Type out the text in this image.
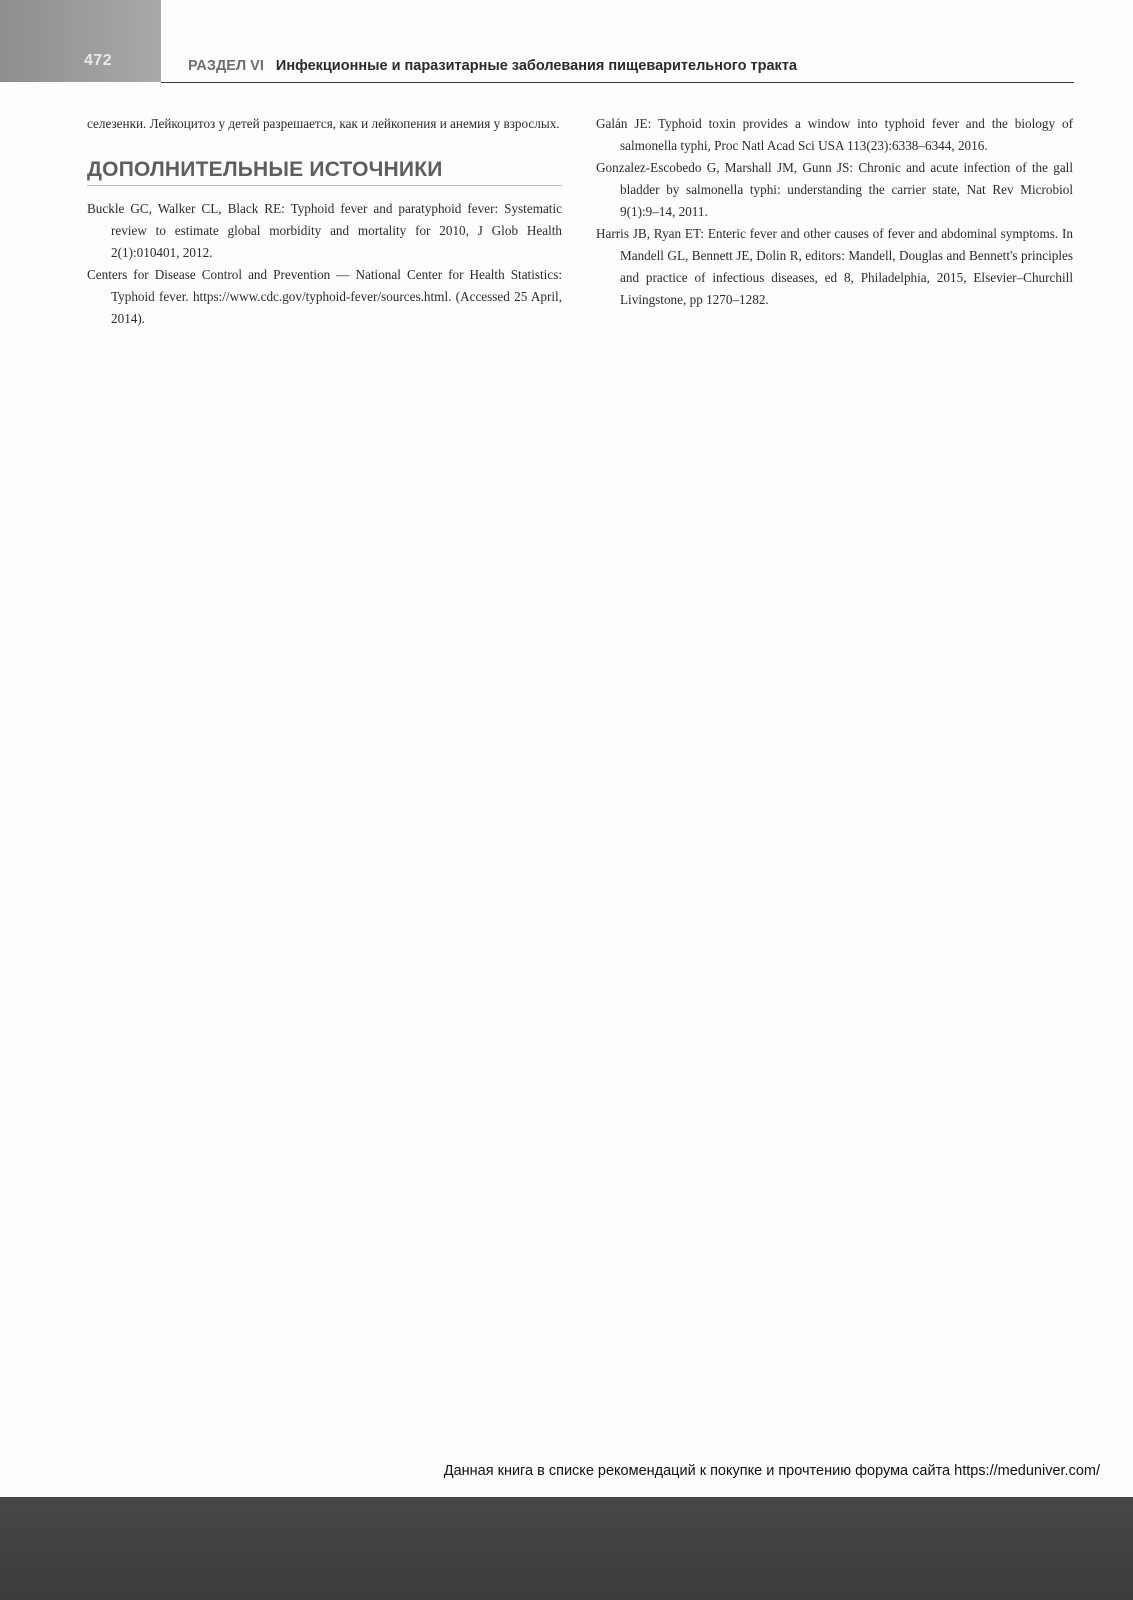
472	РАЗДЕЛ VI Инфекционные и паразитарные заболевания пищеварительного тракта

селезенки. Лейкоцитоз у детей разрешается, как и лейкопения и анемия у взрослых.

ДОПОЛНИТЕЛЬНЫЕ ИСТОЧНИКИ

Buckle GC, Walker CL, Black RE: Typhoid fever and paratyphoid fever: Systematic review to estimate global morbidity and mortality for 2010, J Glob Health 2(1):010401, 2012.

Centers for Disease Control and Prevention — National Center for Health Statistics: Typhoid fever. https://www.cdc.gov/typhoid-fever/sources.html. (Accessed 25 April, 2014).

Galán JE: Typhoid toxin provides a window into typhoid fever and the biology of salmonella typhi, Proc Natl Acad Sci USA 113(23):6338–6344, 2016.

Gonzalez-Escobedo G, Marshall JM, Gunn JS: Chronic and acute infection of the gall bladder by salmonella typhi: understanding the carrier state, Nat Rev Microbiol 9(1):9–14, 2011.

Harris JB, Ryan ET: Enteric fever and other causes of fever and abdominal symptoms. In Mandell GL, Bennett JE, Dolin R, editors: Mandell, Douglas and Bennett's principles and practice of infectious diseases, ed 8, Philadelphia, 2015, Elsevier–Churchill Livingstone, pp 1270–1282.

Данная книга в списке рекомендаций к покупке и прочтению форума сайта https://meduniver.com/
